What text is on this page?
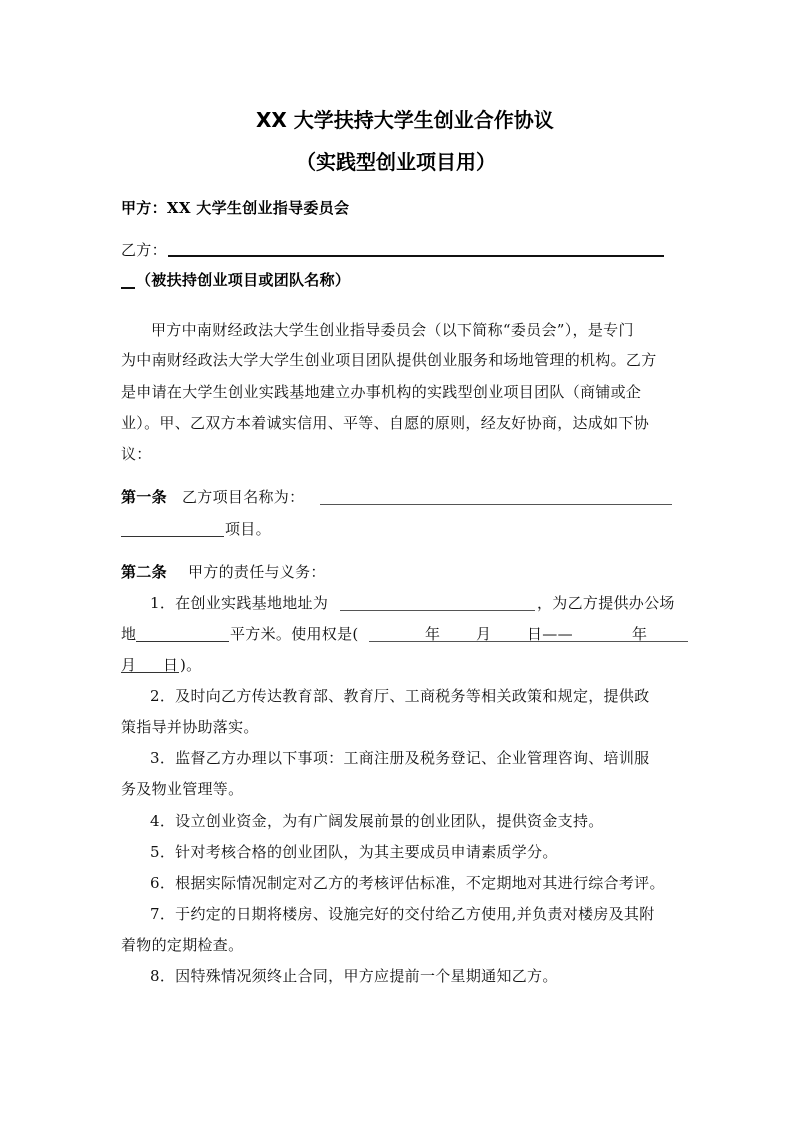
XX 大学扶持大学生创业合作协议
（实践型创业项目用）
甲方：XX 大学生创业指导委员会
乙方：
（被扶持创业项目或团队名称）
甲方中南财经政法大学生创业指导委员会（以下简称“委员会”），是专门
为中南财经政法大学大学生创业项目团队提供创业服务和场地管理的机构。乙方
是申请在大学生创业实践基地建立办事机构的实践型创业项目团队（商铺或企
业）。甲、乙双方本着诚实信用、平等、自愿的原则，经友好协商，达成如下协
议：
第一条 乙方项目名称为：
项目。
第二条 甲方的责任与义务：
1．在创业实践基地地址为	，为乙方提供办公场
地	平方米。使用权是(	年 月 日——	年
月 日 )。
2．及时向乙方传达教育部、教育厅、工商税务等相关政策和规定，提供政
策指导并协助落实。
3．监督乙方办理以下事项：工商注册及税务登记、企业管理咨询、培训服
务及物业管理等。
4．设立创业资金，为有广阔发展前景的创业团队，提供资金支持。
5．针对考核合格的创业团队，为其主要成员申请素质学分。
6．根据实际情况制定对乙方的考核评估标准，不定期地对其进行综合考评。
7．于约定的日期将楼房、设施完好的交付给乙方使用,并负责对楼房及其附
着物的定期检查。
8．因特殊情况须终止合同，甲方应提前一个星期通知乙方。
